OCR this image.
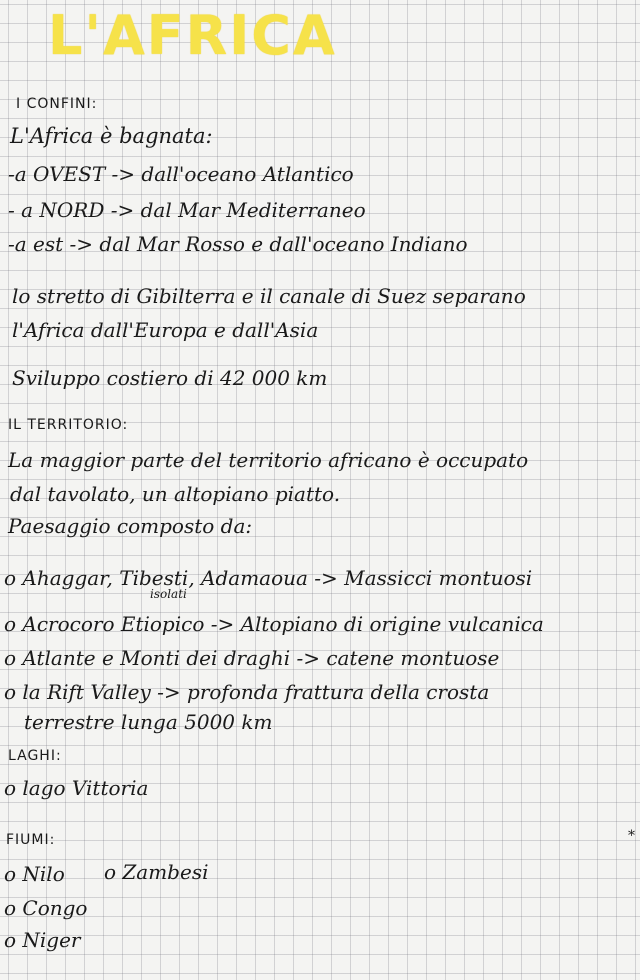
L'AFRICA
I CONFINI:
L'Africa è bagnata:
-a OVEST -> dall'oceano Atlantico
- a NORD -> dal Mar Mediterraneo
-a est -> dal Mar Rosso e dall'oceano Indiano
lo stretto di Gibilterra e il canale di Suez separano
l'Africa dall'Europa e dall'Asia
Sviluppo costiero di 42 000 km
IL TERRITORIO:
La maggior parte del territorio africano è occupato
dal tavolato, un altopiano piatto.
Paesaggio composto da:
o Ahaggar, Tibesti, Adamaoua -> Massicci montuosi
isolati
o Acrocoro Etiopico -> Altopiano di origine vulcanica
o Atlante e Monti dei draghi -> catene montuose
o la Rift Valley -> profonda frattura della crosta
terrestre lunga 5000 km
LAGHI:
o lago Vittoria
FIUMI:
o Nilo o Zambesi
o Congo
o Niger
*
